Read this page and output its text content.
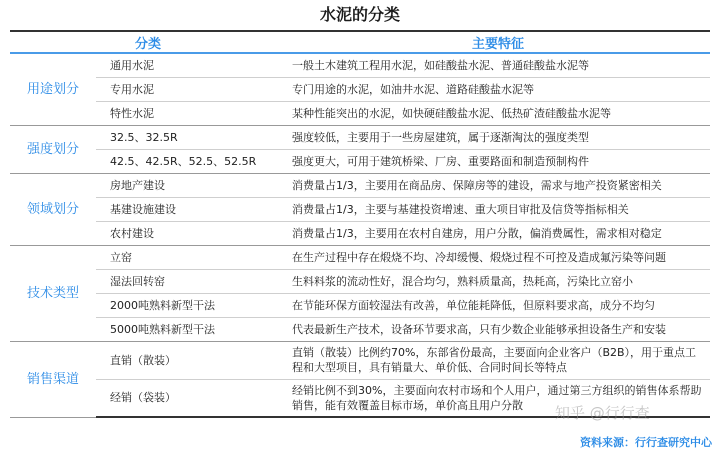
水泥的分类
分类		主要特征
用途划分	通用水泥	一般土木建筑工程用水泥，如硅酸盐水泥、普通硅酸盐水泥等
	专用水泥	专门用途的水泥，如油井水泥、道路硅酸盐水泥等
	特性水泥	某种性能突出的水泥，如快硬硅酸盐水泥、低热矿渣硅酸盐水泥等
强度划分	32.5、32.5R	强度较低，主要用于一些房屋建筑，属于逐渐淘汰的强度类型
	42.5、42.5R、52.5、52.5R	强度更大，可用于建筑桥梁、厂房、重要路面和制造预制构件
领域划分	房地产建设	消费量占1/3，主要用在商品房、保障房等的建设，需求与地产投资紧密相关
	基建设施建设	消费量占1/3，主要与基建投资增速、重大项目审批及信贷等指标相关
	农村建设	消费量占1/3，主要用在农村自建房，用户分散，偏消费属性，需求相对稳定
技术类型	立窑	在生产过程中存在煅烧不均、冷却缓慢、煅烧过程不可控及造成氟污染等问题
	湿法回转窑	生料料浆的流动性好，混合均匀，熟料质量高，热耗高，污染比立窑小
	2000吨熟料新型干法	在节能环保方面较湿法有改善，单位能耗降低，但原料要求高，成分不均匀
	5000吨熟料新型干法	代表最新生产技术，设备环节要求高，只有少数企业能够承担设备生产和安装
销售渠道	直销（散装）	直销（散装）比例约70%，东部省份最高，主要面向企业客户（B2B），用于重点工程和大型项目，具有销量大、单价低、合同时间长等特点
	经销（袋装）	经销比例不到30%，主要面向农村市场和个人用户，通过第三方组织的销售体系帮助销售，能有效覆盖目标市场，单价高且用户分散 知乎 @行行查
资料来源：行行查研究中心
